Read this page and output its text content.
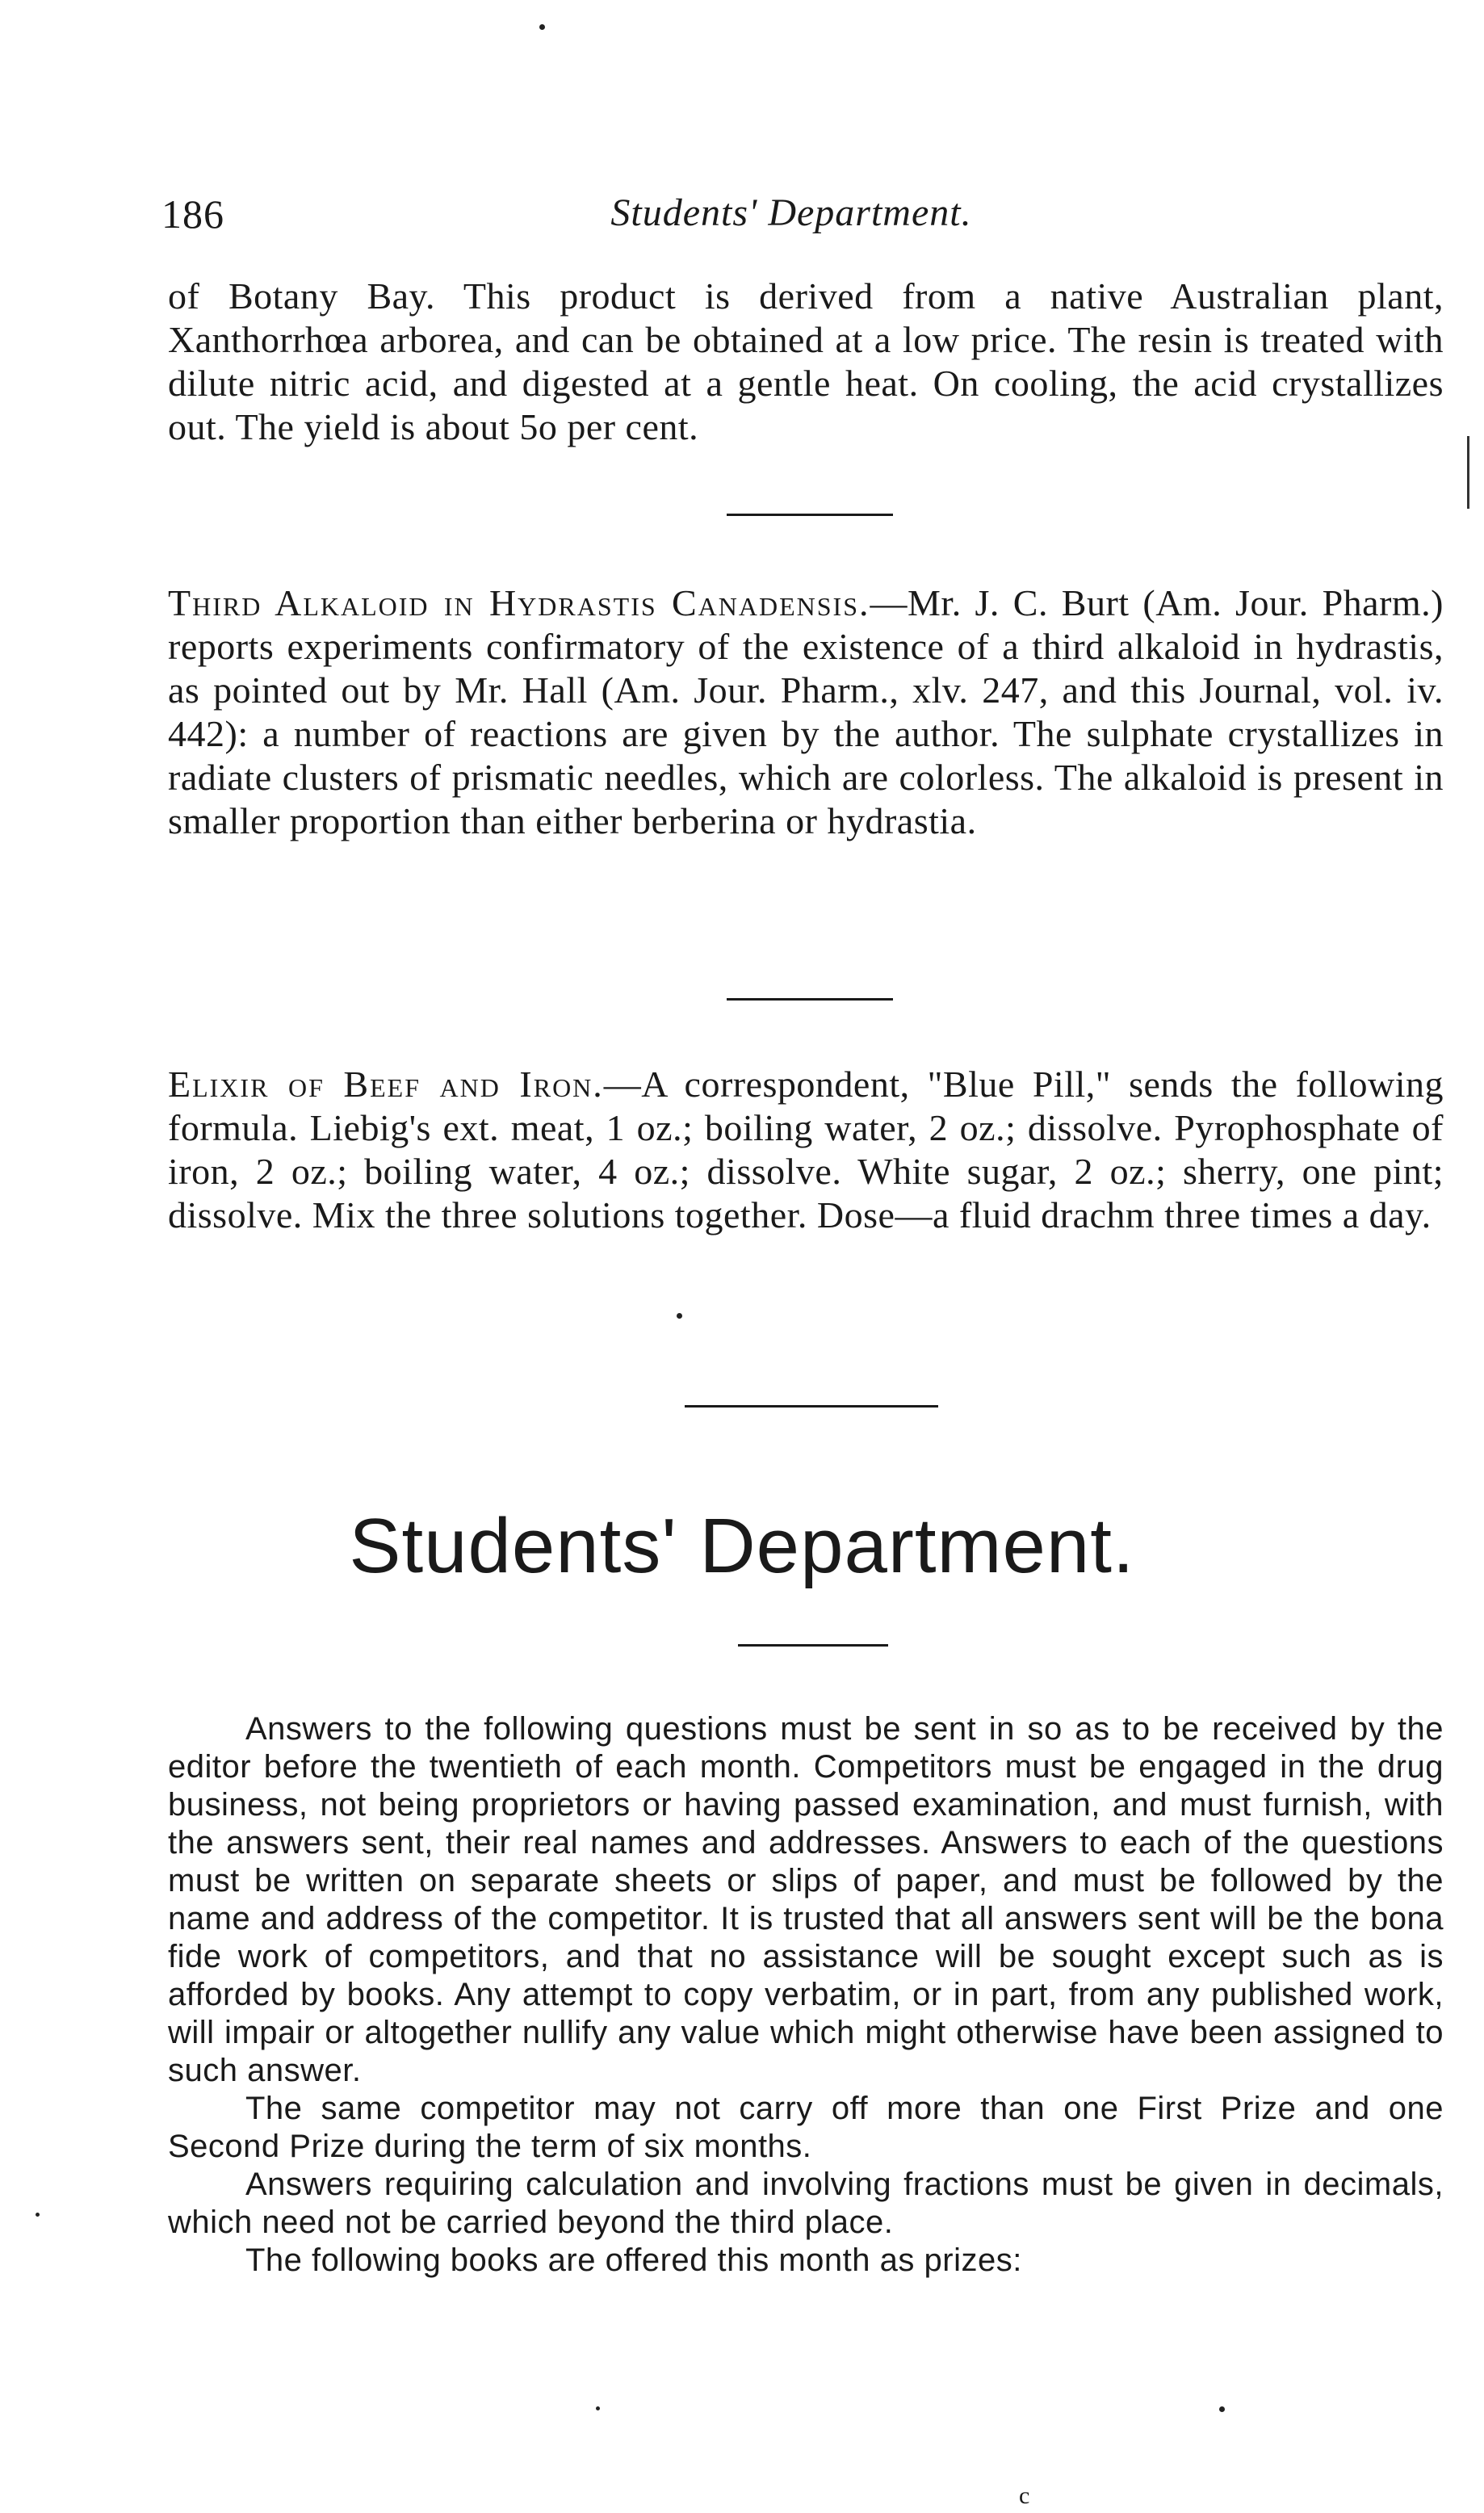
186	Students' Department.
of Botany Bay. This product is derived from a native Australian plant, Xanthorrhœa arborea, and can be obtained at a low price. The resin is treated with dilute nitric acid, and digested at a gentle heat. On cooling, the acid crystallizes out. The yield is about 5o per cent.
Third Alkaloid in Hydrastis Canadensis.—Mr. J. C. Burt (Am. Jour. Pharm.) reports experiments confirmatory of the existence of a third alkaloid in hydrastis, as pointed out by Mr. Hall (Am. Jour. Pharm., xlv. 247, and this Journal, vol. iv. 442): a number of reactions are given by the author. The sulphate crystallizes in radiate clusters of prismatic needles, which are colorless. The alkaloid is present in smaller proportion than either berberina or hydrastia.
Elixir of Beef and Iron.—A correspondent, "Blue Pill," sends the following formula. Liebig's ext. meat, 1 oz.; boiling water, 2 oz.; dissolve. Pyrophosphate of iron, 2 oz.; boiling water, 4 oz.; dissolve. White sugar, 2 oz.; sherry, one pint; dissolve. Mix the three solutions together. Dose—a fluid drachm three times a day.
Students' Department.

Answers to the following questions must be sent in so as to be received by the editor before the twentieth of each month. Competitors must be engaged in the drug business, not being proprietors or having passed examination, and must furnish, with the answers sent, their real names and addresses. Answers to each of the questions must be written on separate sheets or slips of paper, and must be followed by the name and address of the competitor. It is trusted that all answers sent will be the bona fide work of competitors, and that no assistance will be sought except such as is afforded by books. Any attempt to copy verbatim, or in part, from any published work, will impair or altogether nullify any value which might otherwise have been assigned to such answer.

The same competitor may not carry off more than one First Prize and one Second Prize during the term of six months.

Answers requiring calculation and involving fractions must be given in decimals, which need not be carried beyond the third place.

The following books are offered this month as prizes:

c
